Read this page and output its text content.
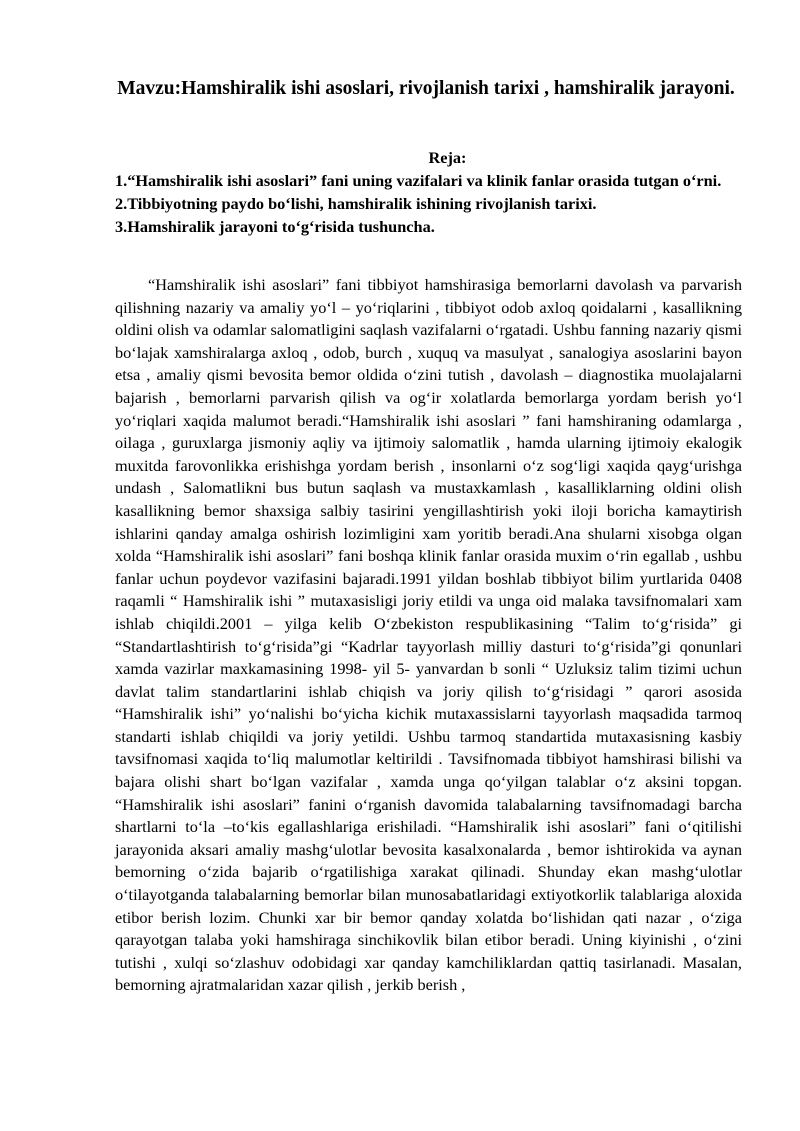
Mavzu:Hamshiralik ishi asoslari, rivojlanish tarixi , hamshiralik jarayoni.
Reja:
1.“Hamshiralik ishi asoslari” fani uning vazifalari va klinik fanlar orasida tutgan o‘rni.
2.Tibbiyotning paydo bo‘lishi, hamshiralik ishining rivojlanish tarixi.
3.Hamshiralik jarayoni to‘g‘risida tushuncha.

“Hamshiralik ishi asoslari” fani tibbiyot hamshirasiga bemorlarni davolash va parvarish qilishning nazariy va amaliy yo‘l – yo‘riqlarini , tibbiyot odob axloq qoidalarni , kasallikning oldini olish va odamlar salomatligini saqlash vazifalarni o‘rgatadi. Ushbu fanning nazariy qismi bo‘lajak xamshiralarga axloq , odob, burch , xuquq va masulyat , sanalogiya asoslarini bayon etsa , amaliy qismi bevosita bemor oldida o‘zini tutish , davolash – diagnostika muolajalarni bajarish , bemorlarni parvarish qilish va og‘ir xolatlarda bemorlarga yordam berish yo‘l yo‘riqlari xaqida malumot beradi.“Hamshiralik ishi asoslari ” fani hamshiraning odamlarga , oilaga , guruxlarga jismoniy aqliy va ijtimoiy salomatlik , hamda ularning ijtimoiy ekalogik muxitda farovonlikka erishishga yordam berish , insonlarni o‘z sog‘ligi xaqida qayg‘urishga undash , Salomatlikni bus butun saqlash va mustaxkamlash , kasalliklarning oldini olish kasallikning bemor shaxsiga salbiy tasirini yengillashtirish yoki iloji boricha kamaytirish ishlarini qanday amalga oshirish lozimligini xam yoritib beradi.Ana shularni xisobga olgan xolda “Hamshiralik ishi asoslari” fani boshqa klinik fanlar orasida muxim o‘rin egallab , ushbu fanlar uchun poydevor vazifasini bajaradi.1991 yildan boshlab tibbiyot bilim yurtlarida 0408 raqamli “ Hamshiralik ishi ” mutaxasisligi joriy etildi va unga oid malaka tavsifnomalari xam ishlab chiqildi.2001 – yilga kelib O‘zbekiston respublikasining “Talim to‘g‘risida” gi “Standartlashtirish to‘g‘risida”gi “Kadrlar tayyorlash milliy dasturi to‘g‘risida”gi qonunlari xamda vazirlar maxkamasining 1998- yil 5- yanvardan b sonli “ Uzluksiz talim tizimi uchun davlat talim standartlarini ishlab chiqish va joriy qilish to‘g‘risidagi ” qarori asosida “Hamshiralik ishi” yo‘nalishi bo‘yicha kichik mutaxassislarni tayyorlash maqsadida tarmoq standarti ishlab chiqildi va joriy yetildi. Ushbu tarmoq standartida mutaxasisning kasbiy tavsifnomasi xaqida to‘liq malumotlar keltirildi . Tavsifnomada tibbiyot hamshirasi bilishi va bajara olishi shart bo‘lgan vazifalar , xamda unga qo‘yilgan talablar o‘z aksini topgan. “Hamshiralik ishi asoslari” fanini o‘rganish davomida talabalarning tavsifnomadagi barcha shartlarni to‘la –to‘kis egallashlariga erishiladi. “Hamshiralik ishi asoslari” fani o‘qitilishi jarayonida aksari amaliy mashg‘ulotlar bevosita kasalxonalarda , bemor ishtirokida va aynan bemorning o‘zida bajarib o‘rgatilishiga xarakat qilinadi. Shunday ekan mashg‘ulotlar o‘tilayotganda talabalarning bemorlar bilan munosabatlaridagi extiyotkorlik talablariga aloxida etibor berish lozim. Chunki xar bir bemor qanday xolatda bo‘lishidan qati nazar , o‘ziga qarayotgan talaba yoki hamshiraga sinchikovlik bilan etibor beradi. Uning kiyinishi , o‘zini tutishi , xulqi so‘zlashuv odobidagi xar qanday kamchiliklardan qattiq tasirlanadi. Masalan, bemorning ajratmalaridan xazar qilish , jerkib berish ,
